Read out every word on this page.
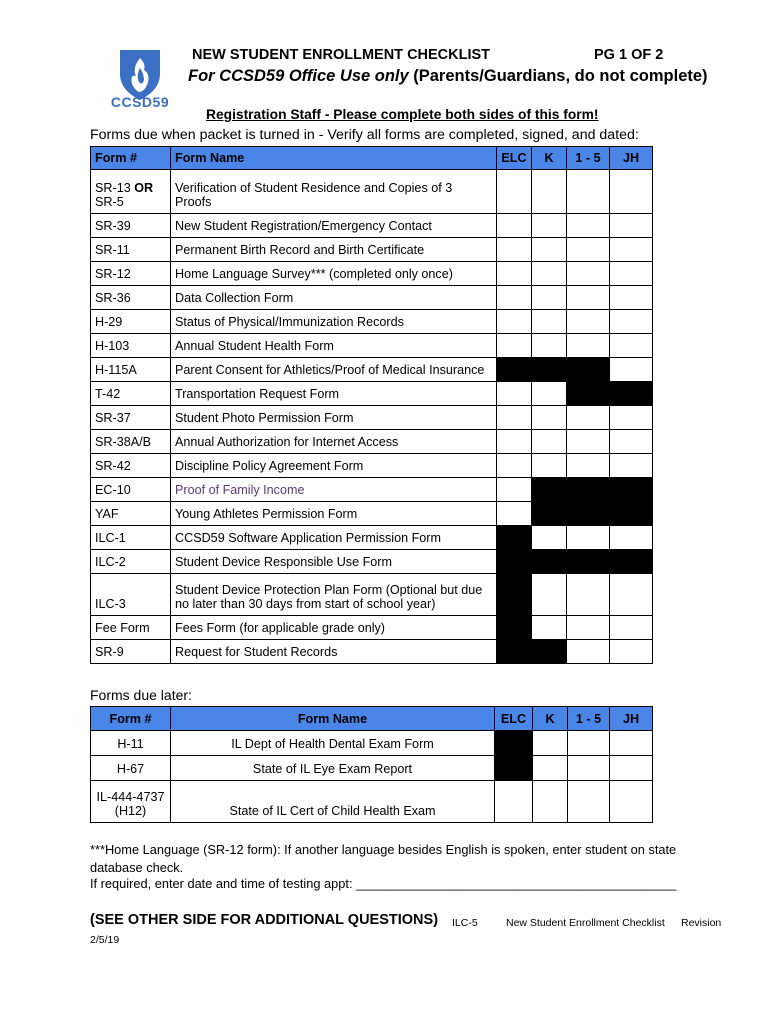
CCSD59
NEW STUDENT ENROLLMENT CHECKLIST	PG 1 OF 2
For CCSD59 Office Use only (Parents/Guardians, do not complete)
Registration Staff - Please complete both sides of this form!
Forms due when packet is turned in - Verify all forms are completed, signed, and dated:
Form #	Form Name	ELC	K	1 - 5	JH
SR-13 OR
SR-5	Verification of Student Residence and Copies of 3 Proofs				
SR-39	New Student Registration/Emergency Contact				
SR-11	Permanent Birth Record and Birth Certificate				
SR-12	Home Language Survey*** (completed only once)				
SR-36	Data Collection Form				
H-29	Status of Physical/Immunization Records				
H-103	Annual Student Health Form				
H-115A	Parent Consent for Athletics/Proof of Medical Insurance				
T-42	Transportation Request Form				
SR-37	Student Photo Permission Form				
SR-38A/B	Annual Authorization for Internet Access				
SR-42	Discipline Policy Agreement Form				
EC-10	Proof of Family Income				
YAF	Young Athletes Permission Form				
ILC-1	CCSD59 Software Application Permission Form				
ILC-2	Student Device Responsible Use Form				
ILC-3	Student Device Protection Plan Form (Optional but due
no later than 30 days from start of school year)				
Fee Form	Fees Form (for applicable grade only)				
SR-9	Request for Student Records				
Forms due later:
Form #	Form Name	ELC	K	1 - 5	JH
H-11	IL Dept of Health Dental Exam Form				
H-67	State of IL Eye Exam Report				
IL-444-4737
(H12)	State of IL Cert of Child Health Exam				
***Home Language (SR-12 form): If another language besides English is spoken, enter student on state database check.
If required, enter date and time of testing appt: _____________________________________________
(SEE OTHER SIDE FOR ADDITIONAL QUESTIONS) ILC-5	New Student Enrollment Checklist Revision
2/5/19
